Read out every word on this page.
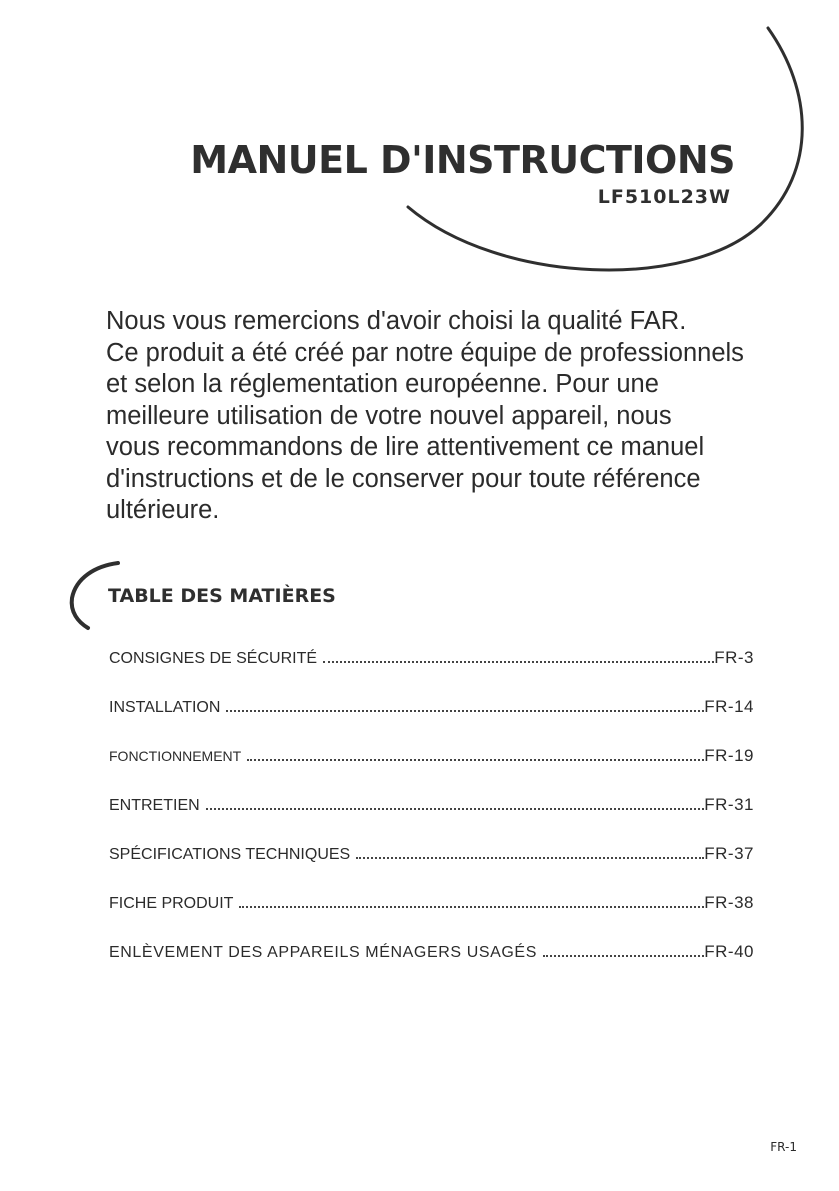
MANUEL D'INSTRUCTIONS
LF510L23W
Nous vous remercions d'avoir choisi la qualité FAR.
Ce produit a été créé par notre équipe de professionnels
et selon la réglementation européenne. Pour une
meilleure utilisation de votre nouvel appareil, nous
vous recommandons de lire attentivement ce manuel
d'instructions et de le conserver pour toute référence
ultérieure.
TABLE DES MATIÈRES
CONSIGNES DE SÉCURITÉ	FR-3
INSTALLATION	FR-14
FONCTIONNEMENT	FR-19
ENTRETIEN	FR-31
SPÉCIFICATIONS TECHNIQUES	FR-37
FICHE PRODUIT	FR-38
ENLÈVEMENT DES APPAREILS MÉNAGERS USAGÉS	FR-40
FR-1
